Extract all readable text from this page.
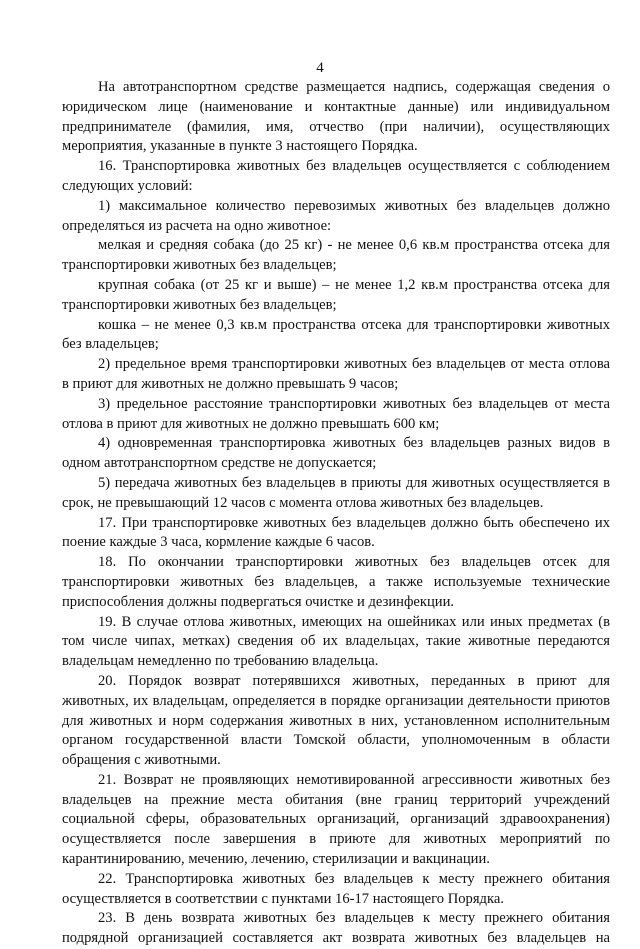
4

На автотранспортном средстве размещается надпись, содержащая сведения о юридическом лице (наименование и контактные данные) или индивидуальном предпринимателе (фамилия, имя, отчество (при наличии), осуществляющих мероприятия, указанные в пункте 3 настоящего Порядка.

16. Транспортировка животных без владельцев осуществляется с соблюдением следующих условий:

1) максимальное количество перевозимых животных без владельцев должно определяться из расчета на одно животное:

мелкая и средняя собака (до 25 кг) - не менее 0,6 кв.м пространства отсека для транспортировки животных без владельцев;

крупная собака (от 25 кг и выше) – не менее 1,2 кв.м пространства отсека для транспортировки животных без владельцев;

кошка – не менее 0,3 кв.м пространства отсека для транспортировки животных без владельцев;

2) предельное время транспортировки животных без владельцев от места отлова в приют для животных не должно превышать 9 часов;

3) предельное расстояние транспортировки животных без владельцев от места отлова в приют для животных не должно превышать 600 км;

4) одновременная транспортировка животных без владельцев разных видов в одном автотранспортном средстве не допускается;

5) передача животных без владельцев в приюты для животных осуществляется в срок, не превышающий 12 часов с момента отлова животных без владельцев.

17. При транспортировке животных без владельцев должно быть обеспечено их поение каждые 3 часа, кормление каждые 6 часов.

18. По окончании транспортировки животных без владельцев отсек для транспортировки животных без владельцев, а также используемые технические приспособления должны подвергаться очистке и дезинфекции.

19. В случае отлова животных, имеющих на ошейниках или иных предметах (в том числе чипах, метках) сведения об их владельцах, такие животные передаются владельцам немедленно по требованию владельца.

20. Порядок возврат потерявшихся животных, переданных в приют для животных, их владельцам, определяется в порядке организации деятельности приютов для животных и норм содержания животных в них, установленном исполнительным органом государственной власти Томской области, уполномоченным в области обращения с животными.

21. Возврат не проявляющих немотивированной агрессивности животных без владельцев на прежние места обитания (вне границ территорий учреждений социальной сферы, образовательных организаций, организаций здравоохранения) осуществляется после завершения в приюте для животных мероприятий по карантинированию, мечению, лечению, стерилизации и вакцинации.

22. Транспортировка животных без владельцев к месту прежнего обитания осуществляется в соответствии с пунктами 16-17 настоящего Порядка.

23. В день возврата животных без владельцев к месту прежнего обитания подрядной организацией составляется акт возврата животных без владельцев на
